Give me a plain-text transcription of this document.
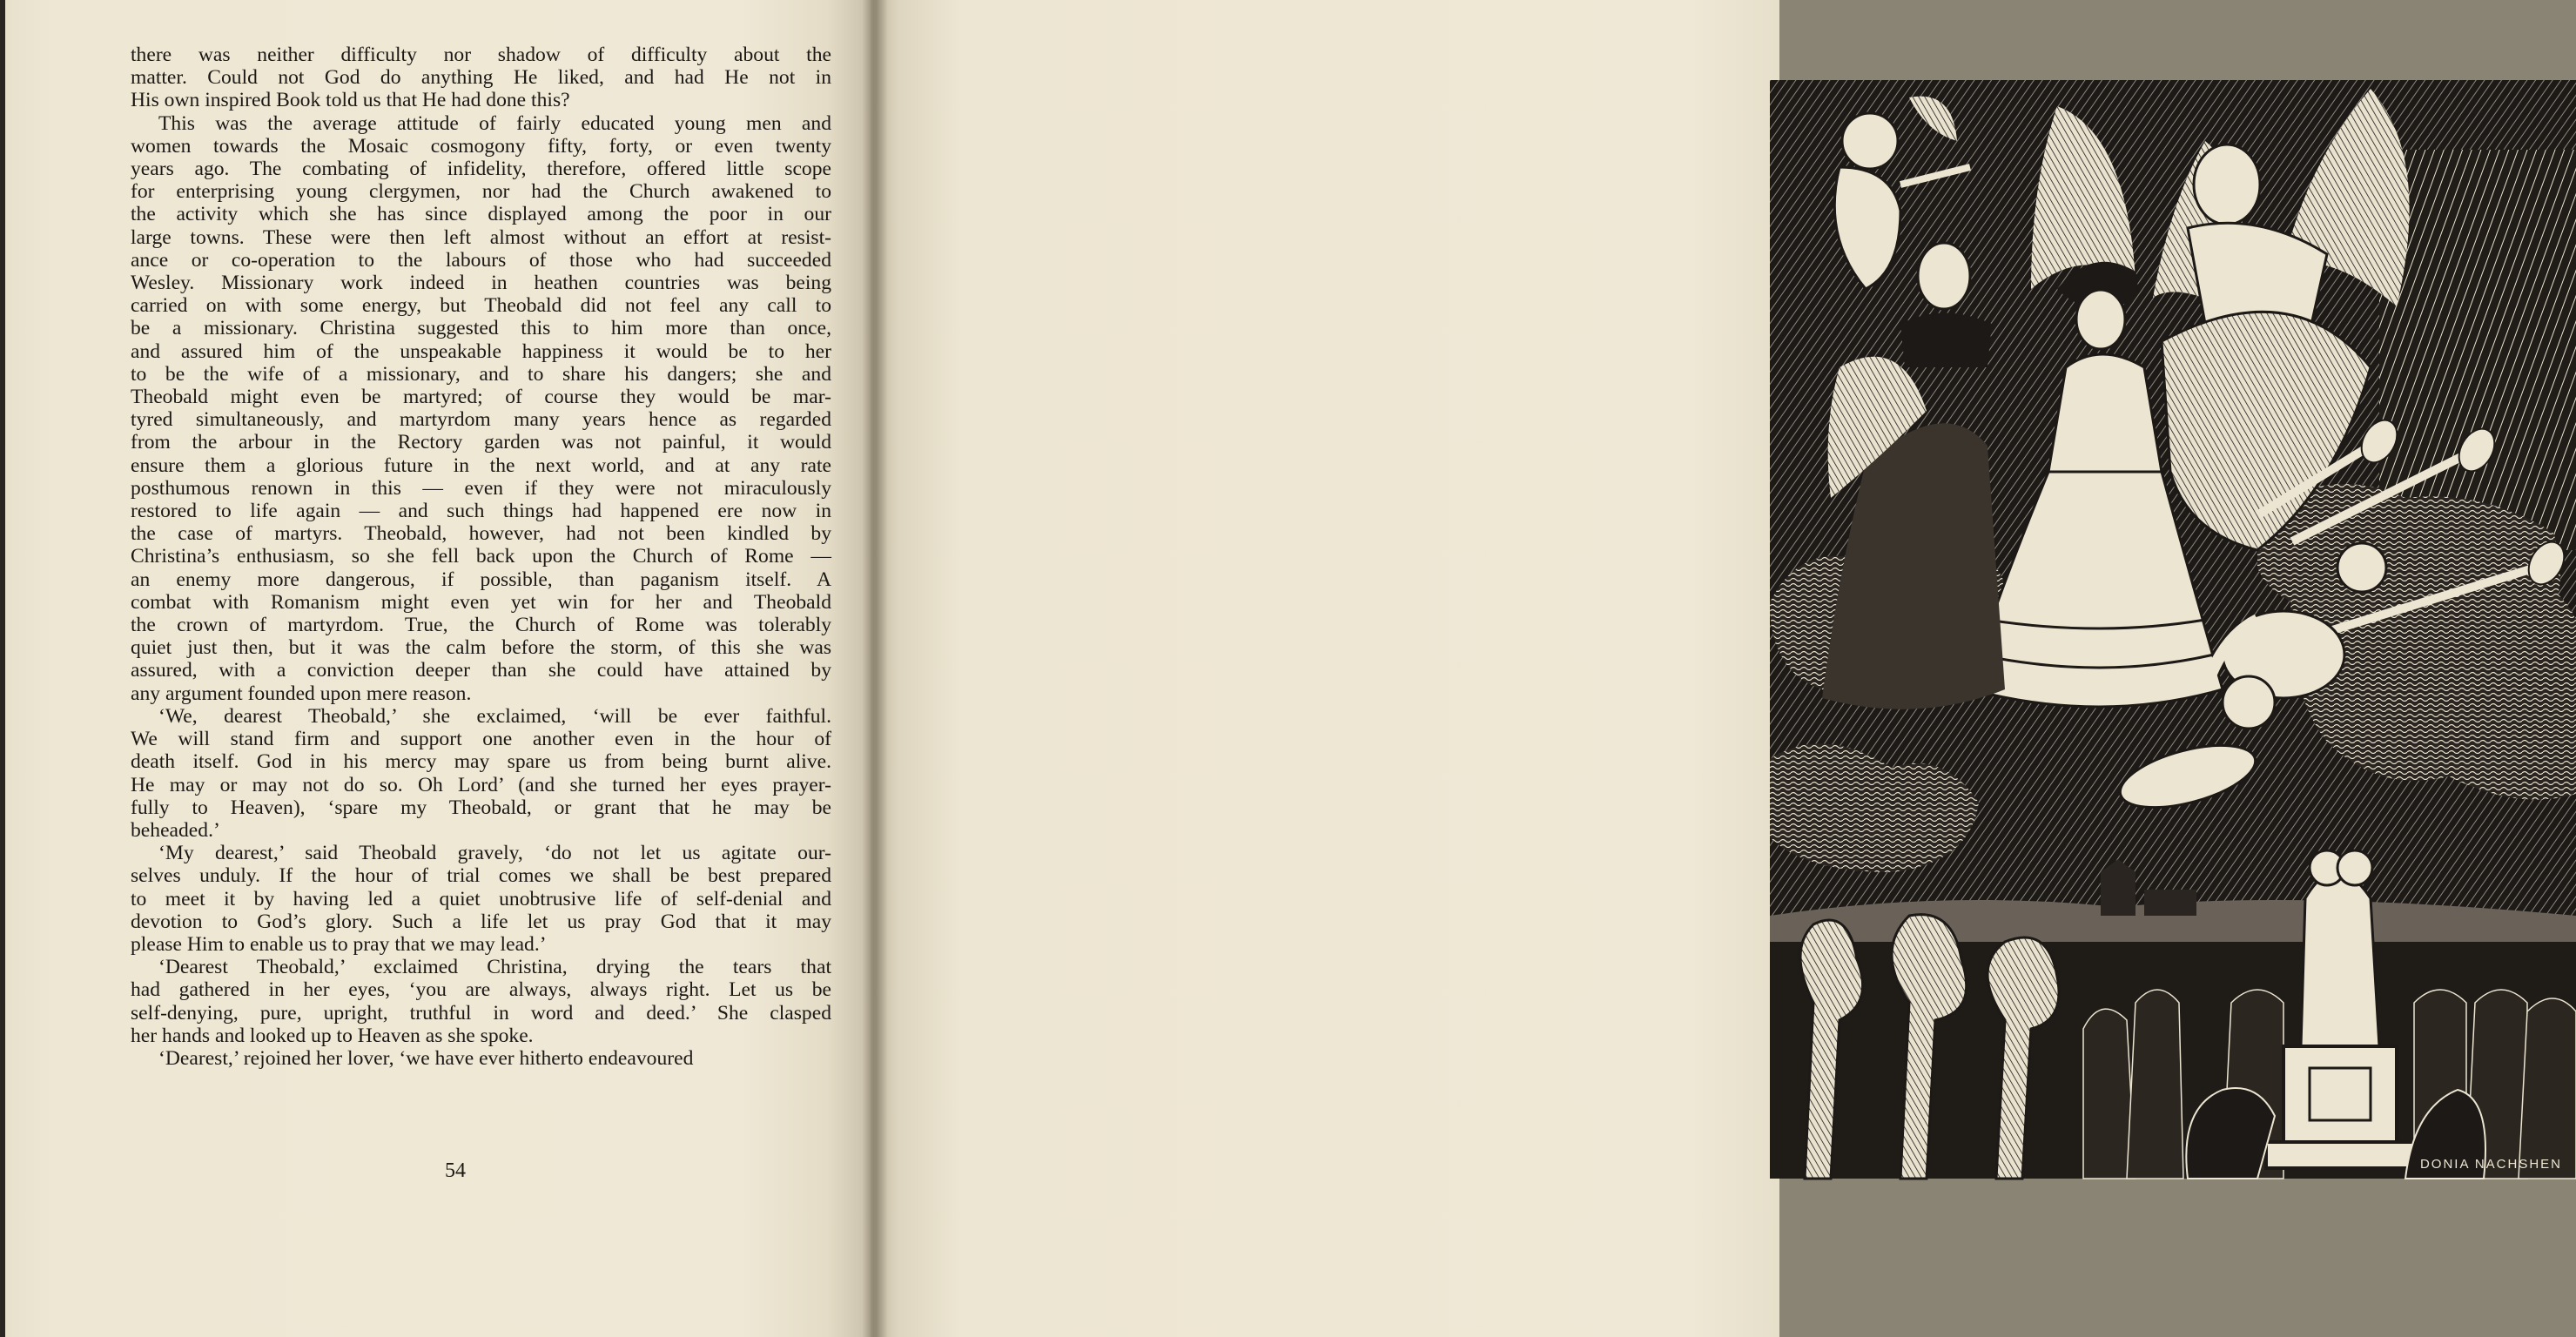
there was neither difficulty nor shadow of difficulty about the
matter. Could not God do anything He liked, and had He not in
His own inspired Book told us that He had done this?
This was the average attitude of fairly educated young men and
women towards the Mosaic cosmogony fifty, forty, or even twenty
years ago. The combating of infidelity, therefore, offered little scope
for enterprising young clergymen, nor had the Church awakened to
the activity which she has since displayed among the poor in our
large towns. These were then left almost without an effort at resist-
ance or co-operation to the labours of those who had succeeded
Wesley. Missionary work indeed in heathen countries was being
carried on with some energy, but Theobald did not feel any call to
be a missionary. Christina suggested this to him more than once,
and assured him of the unspeakable happiness it would be to her
to be the wife of a missionary, and to share his dangers; she and
Theobald might even be martyred; of course they would be mar-
tyred simultaneously, and martyrdom many years hence as regarded
from the arbour in the Rectory garden was not painful, it would
ensure them a glorious future in the next world, and at any rate
posthumous renown in this — even if they were not miraculously
restored to life again — and such things had happened ere now in
the case of martyrs. Theobald, however, had not been kindled by
Christina’s enthusiasm, so she fell back upon the Church of Rome —
an enemy more dangerous, if possible, than paganism itself. A
combat with Romanism might even yet win for her and Theobald
the crown of martyrdom. True, the Church of Rome was tolerably
quiet just then, but it was the calm before the storm, of this she was
assured, with a conviction deeper than she could have attained by
any argument founded upon mere reason.
‘We, dearest Theobald,’ she exclaimed, ‘will be ever faithful.
We will stand firm and support one another even in the hour of
death itself. God in his mercy may spare us from being burnt alive.
He may or may not do so. Oh Lord’ (and she turned her eyes prayer-
fully to Heaven), ‘spare my Theobald, or grant that he may be
beheaded.’
‘My dearest,’ said Theobald gravely, ‘do not let us agitate our-
selves unduly. If the hour of trial comes we shall be best prepared
to meet it by having led a quiet unobtrusive life of self-denial and
devotion to God’s glory. Such a life let us pray God that it may
please Him to enable us to pray that we may lead.’
‘Dearest Theobald,’ exclaimed Christina, drying the tears that
had gathered in her eyes, ‘you are always, always right. Let us be
self-denying, pure, upright, truthful in word and deed.’ She clasped
her hands and looked up to Heaven as she spoke.
‘Dearest,’ rejoined her lover, ‘we have ever hitherto endeavoured
54	DONIA NACHSHEN
